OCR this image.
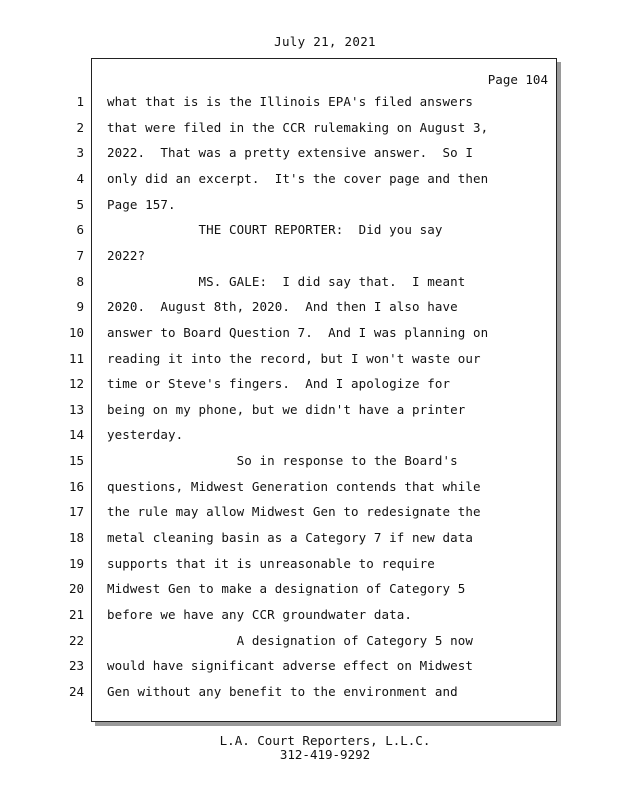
July 21, 2021
Page 104
1 what that is is the Illinois EPA's filed answers
2 that were filed in the CCR rulemaking on August 3,
3 2022.  That was a pretty extensive answer.  So I
4 only did an excerpt.  It's the cover page and then
5 Page 157.
6 THE COURT REPORTER:  Did you say
7 2022?
8 MS. GALE:  I did say that.  I meant
9 2020.  August 8th, 2020.  And then I also have
10 answer to Board Question 7.  And I was planning on
11 reading it into the record, but I won't waste our
12 time or Steve's fingers.  And I apologize for
13 being on my phone, but we didn't have a printer
14 yesterday.
15 So in response to the Board's
16 questions, Midwest Generation contends that while
17 the rule may allow Midwest Gen to redesignate the
18 metal cleaning basin as a Category 7 if new data
19 supports that it is unreasonable to require
20 Midwest Gen to make a designation of Category 5
21 before we have any CCR groundwater data.
22 A designation of Category 5 now
23 would have significant adverse effect on Midwest
24 Gen without any benefit to the environment and
L.A. Court Reporters, L.L.C.
312-419-9292
